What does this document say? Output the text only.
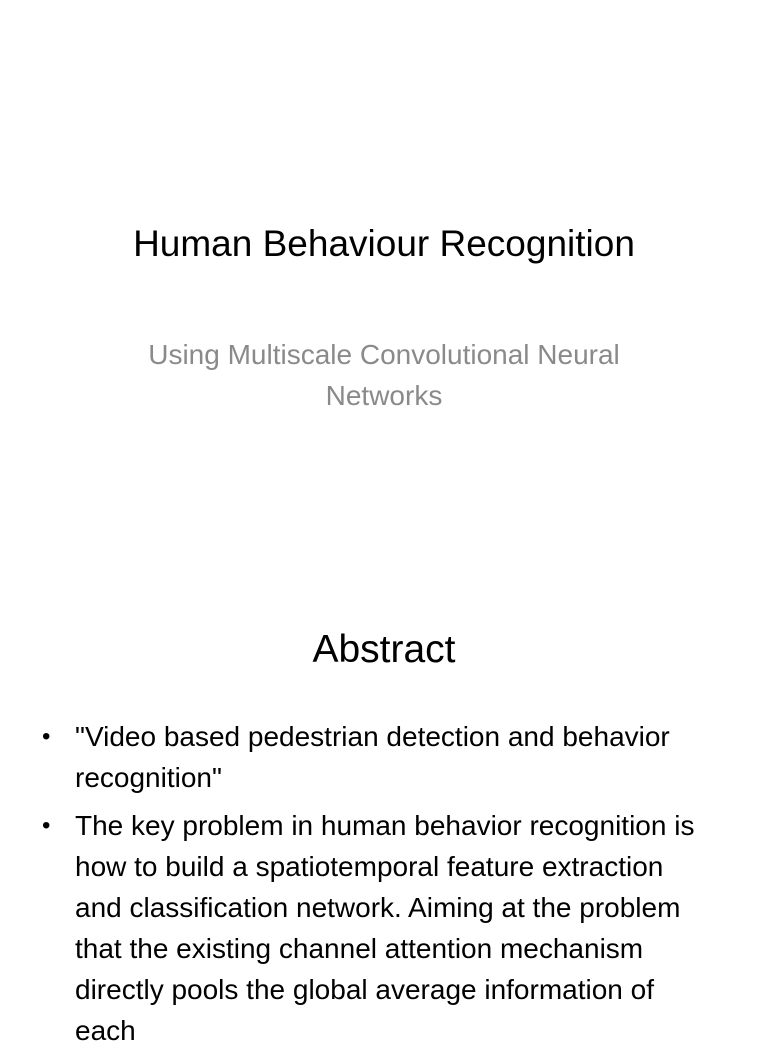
Human Behaviour Recognition
Using Multiscale Convolutional Neural Networks
Abstract
• "Video based pedestrian detection and behavior recognition"
• The key problem in human behavior recognition is how to build a spatiotemporal feature extraction and classification network. Aiming at the problem that the existing channel attention mechanism directly pools the global average information of each
